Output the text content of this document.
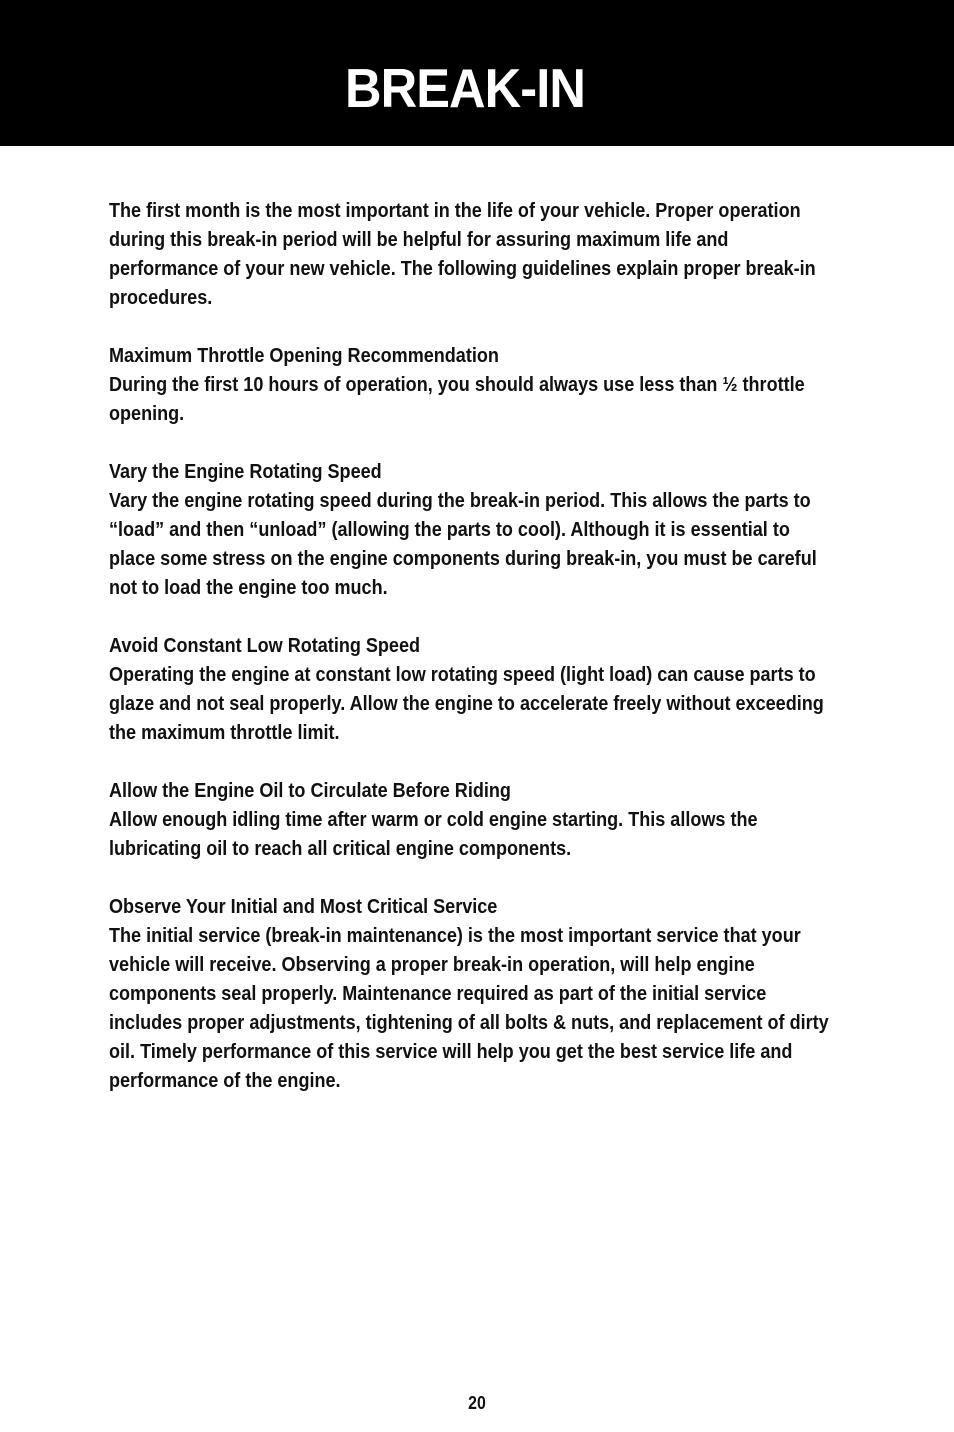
BREAK-IN

The first month is the most important in the life of your vehicle. Proper operation during this break-in period will be helpful for assuring maximum life and performance of your new vehicle. The following guidelines explain proper break-in procedures.

Maximum Throttle Opening Recommendation

During the first 10 hours of operation, you should always use less than ½ throttle opening.

Vary the Engine Rotating Speed

Vary the engine rotating speed during the break-in period. This allows the parts to “load” and then “unload” (allowing the parts to cool). Although it is essential to place some stress on the engine components during break-in, you must be careful not to load the engine too much.

Avoid Constant Low Rotating Speed

Operating the engine at constant low rotating speed (light load) can cause parts to glaze and not seal properly. Allow the engine to accelerate freely without exceeding the maximum throttle limit.

Allow the Engine Oil to Circulate Before Riding

Allow enough idling time after warm or cold engine starting. This allows the lubricating oil to reach all critical engine components.

Observe Your Initial and Most Critical Service

The initial service (break-in maintenance) is the most important service that your vehicle will receive. Observing a proper break-in operation, will help engine components seal properly. Maintenance required as part of the initial service includes proper adjustments, tightening of all bolts & nuts, and replacement of dirty oil. Timely performance of this service will help you get the best service life and performance of the engine.

20
